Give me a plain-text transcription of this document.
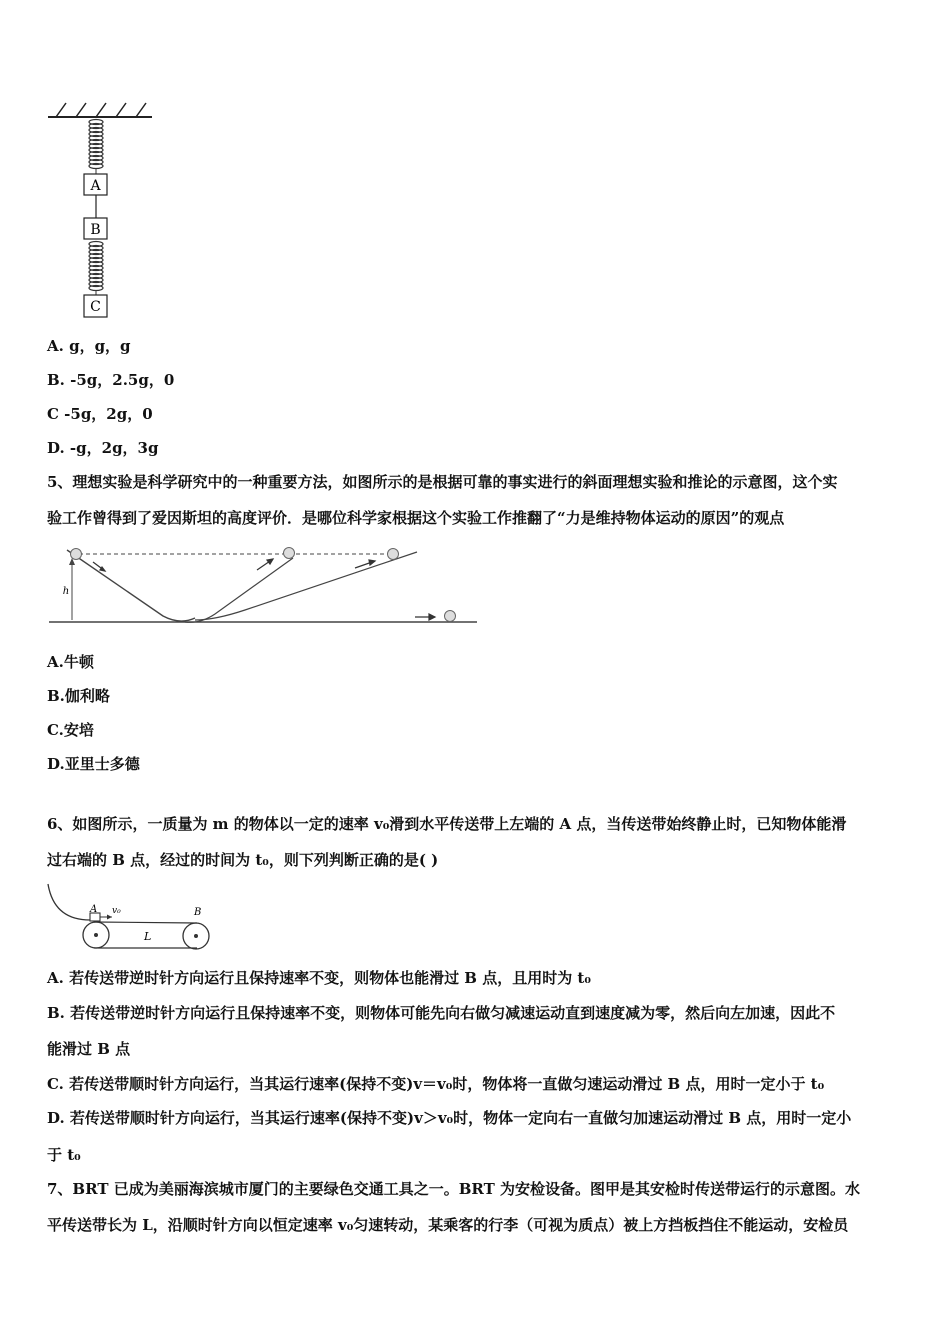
A
B
C
A. g，g，g
B. -5g，2.5g，0
C -5g，2g，0
D. -g，2g，3g
5、理想实验是科学研究中的一种重要方法，如图所示的是根据可靠的事实进行的斜面理想实验和推论的示意图，这个实
验工作曾得到了爱因斯坦的高度评价．是哪位科学家根据这个实验工作推翻了“力是维持物体运动的原因”的观点
h
A.牛顿
B.伽利略
C.安培
D.亚里士多德
6、如图所示，一质量为 m 的物体以一定的速率 v₀滑到水平传送带上左端的 A 点，当传送带始终静止时，已知物体能滑
过右端的 B 点，经过的时间为 t₀，则下列判断正确的是( )
A v₀	B
L
A. 若传送带逆时针方向运行且保持速率不变，则物体也能滑过 B 点，且用时为 t₀
B. 若传送带逆时针方向运行且保持速率不变，则物体可能先向右做匀减速运动直到速度减为零，然后向左加速，因此不
能滑过 B 点
C. 若传送带顺时针方向运行，当其运行速率(保持不变)v＝v₀时，物体将一直做匀速运动滑过 B 点，用时一定小于 t₀
D. 若传送带顺时针方向运行，当其运行速率(保持不变)v＞v₀时，物体一定向右一直做匀加速运动滑过 B 点，用时一定小
于 t₀
7、BRT 已成为美丽海滨城市厦门的主要绿色交通工具之一。BRT 为安检设备。图甲是其安检时传送带运行的示意图。水
平传送带长为 L，沿顺时针方向以恒定速率 v₀匀速转动，某乘客的行李（可视为质点）被上方挡板挡住不能运动，安检员
